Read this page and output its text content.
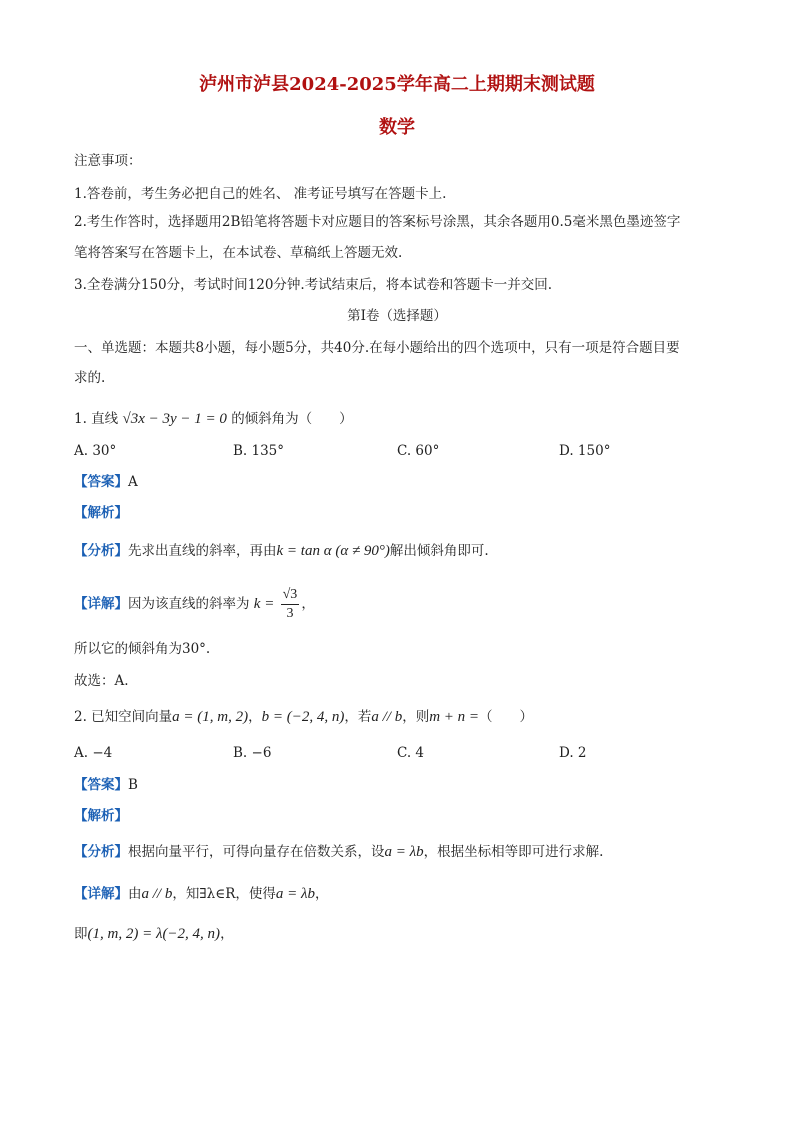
泸州市泸县2024-2025学年高二上期期末测试题
数学
注意事项：
1.答卷前，考生务必把自己的姓名、 准考证号填写在答题卡上.
2.考生作答时，选择题用2B铅笔将答题卡对应题目的答案标号涂黑，其余各题用0.5毫米黑色墨迹签字
笔将答案写在答题卡上，在本试卷、草稿纸上答题无效.
3.全卷满分150分，考试时间120分钟.考试结束后，将本试卷和答题卡一并交回.
第Ⅰ卷（选择题）
一、单选题：本题共8小题，每小题5分，共40分.在每小题给出的四个选项中，只有一项是符合题目要
求的.
1. 直线 √3x − 3y − 1 = 0 的倾斜角为（　　）
A. 30°	B. 135°	C. 60°	D. 150°
【答案】A
【解析】
【分析】先求出直线的斜率，再由k = tan α (α ≠ 90°)解出倾斜角即可.
【详解】因为该直线的斜率为 $k = \frac{√3}{3}$ ，
所以它的倾斜角为30°.
故选：A.
2. 已知空间向量a = (1, m, 2)，b = (−2, 4, n)，若a // b，则m + n =（　　）
A. −4	B. −6	C. 4	D. 2
【答案】B
【解析】
【分析】根据向量平行，可得向量存在倍数关系，设a = λb，根据坐标相等即可进行求解.
【详解】由a // b，知∃λ∈R，使得a = λb，
即(1, m, 2) = λ(−2, 4, n)，
